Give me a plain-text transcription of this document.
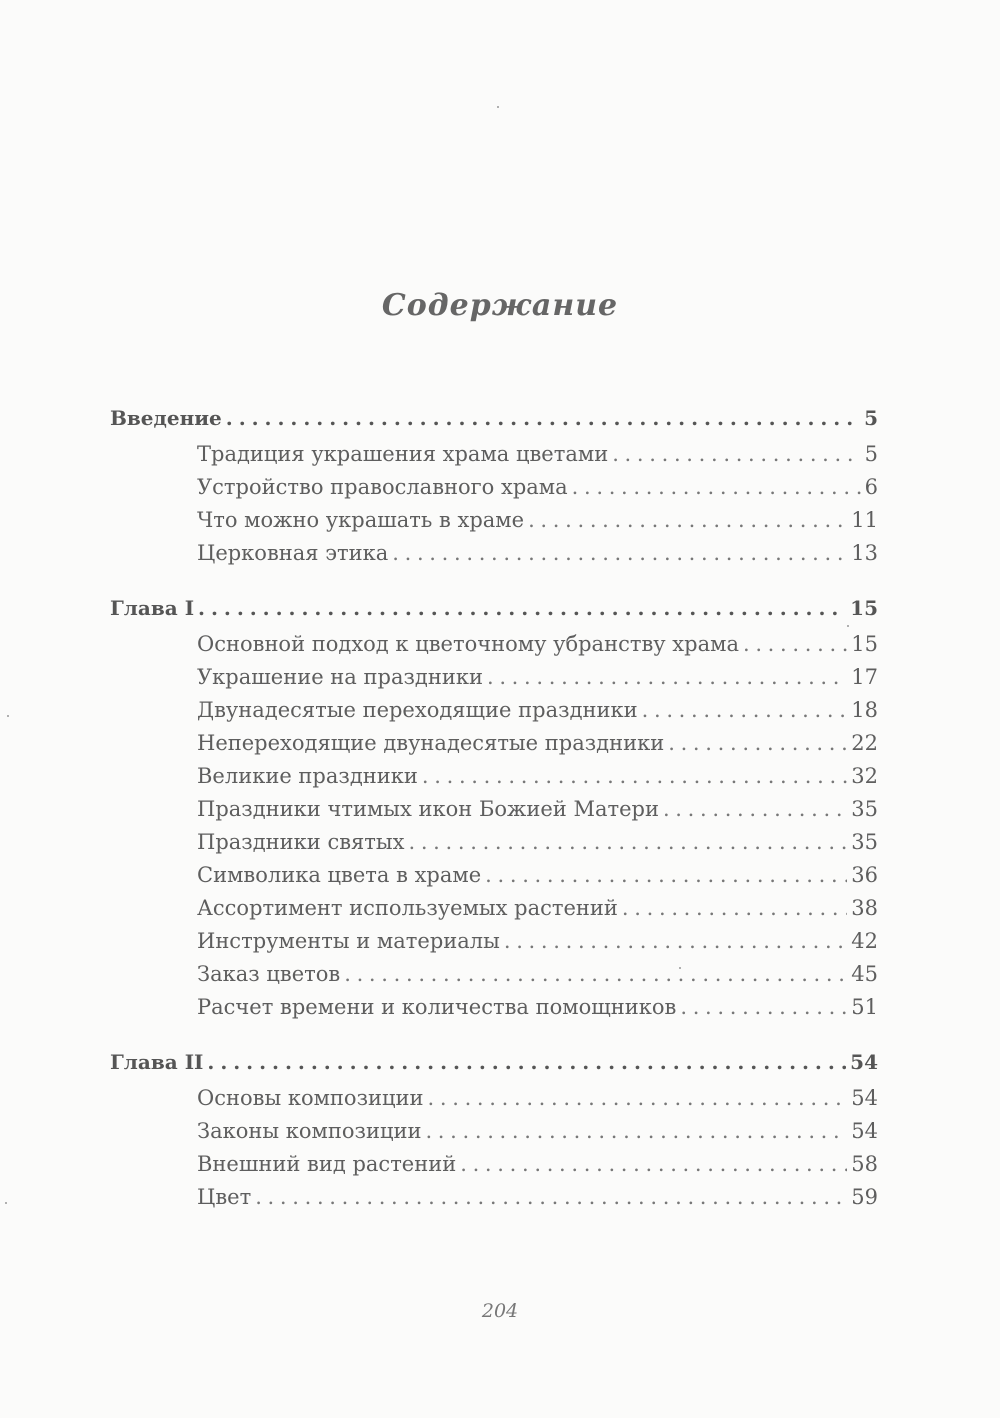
Содержание
Введение . . .	5
Традиция украшения храма цветами . . .	5
Устройство православного храма . . .	6
Что можно украшать в храме . . .	11
Церковная этика . . .	13
Глава I . . .	15
Основной подход к цветочному убранству храма . . .	15
Украшение на праздники . . .	17
Двунадесятые переходящие праздники . . .	18
Непереходящие двунадесятые праздники . . .	22
Великие праздники . . .	32
Праздники чтимых икон Божией Матери . . .	35
Праздники святых . . .	35
Символика цвета в храме . . .	36
Ассортимент используемых растений . . .	38
Инструменты и материалы . . .	42
Заказ цветов . . .	45
Расчет времени и количества помощников . . .	51
Глава II . . .	54
Основы композиции . . .	54
Законы композиции . . .	54
Внешний вид растений . . .	58
Цвет . . .	59
204
